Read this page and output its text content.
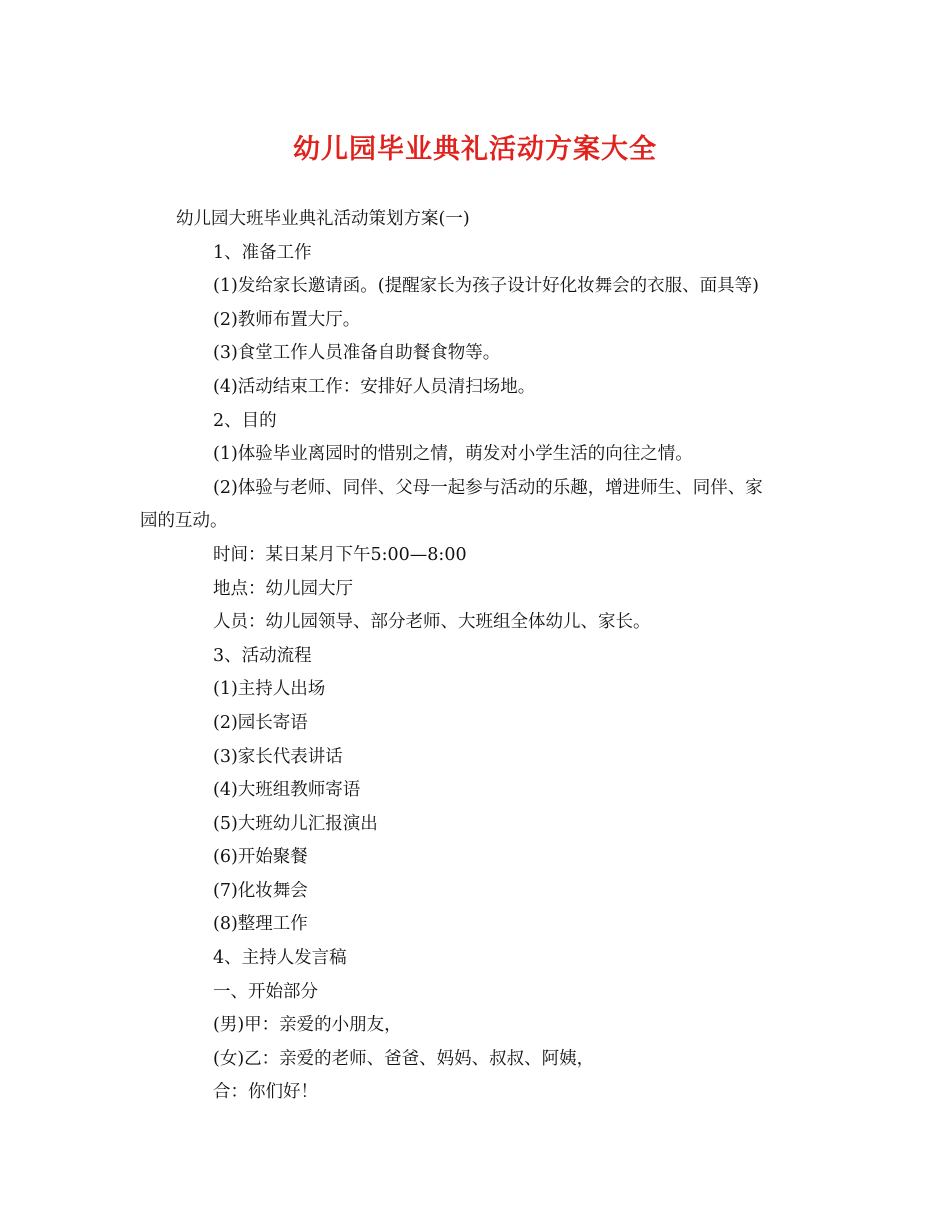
幼儿园毕业典礼活动方案大全

幼儿园大班毕业典礼活动策划方案(一)

1、准备工作

(1)发给家长邀请函。(提醒家长为孩子设计好化妆舞会的衣服、面具等)

(2)教师布置大厅。

(3)食堂工作人员准备自助餐食物等。

(4)活动结束工作：安排好人员清扫场地。

2、目的

(1)体验毕业离园时的惜别之情，萌发对小学生活的向往之情。

(2)体验与老师、同伴、父母一起参与活动的乐趣，增进师生、同伴、家

园的互动。

时间：某日某月下午5:00—8:00

地点：幼儿园大厅

人员：幼儿园领导、部分老师、大班组全体幼儿、家长。

3、活动流程

(1)主持人出场

(2)园长寄语

(3)家长代表讲话

(4)大班组教师寄语

(5)大班幼儿汇报演出

(6)开始聚餐

(7)化妆舞会

(8)整理工作

4、主持人发言稿

一、开始部分

(男)甲：亲爱的小朋友，

(女)乙：亲爱的老师、爸爸、妈妈、叔叔、阿姨，

合：你们好！
